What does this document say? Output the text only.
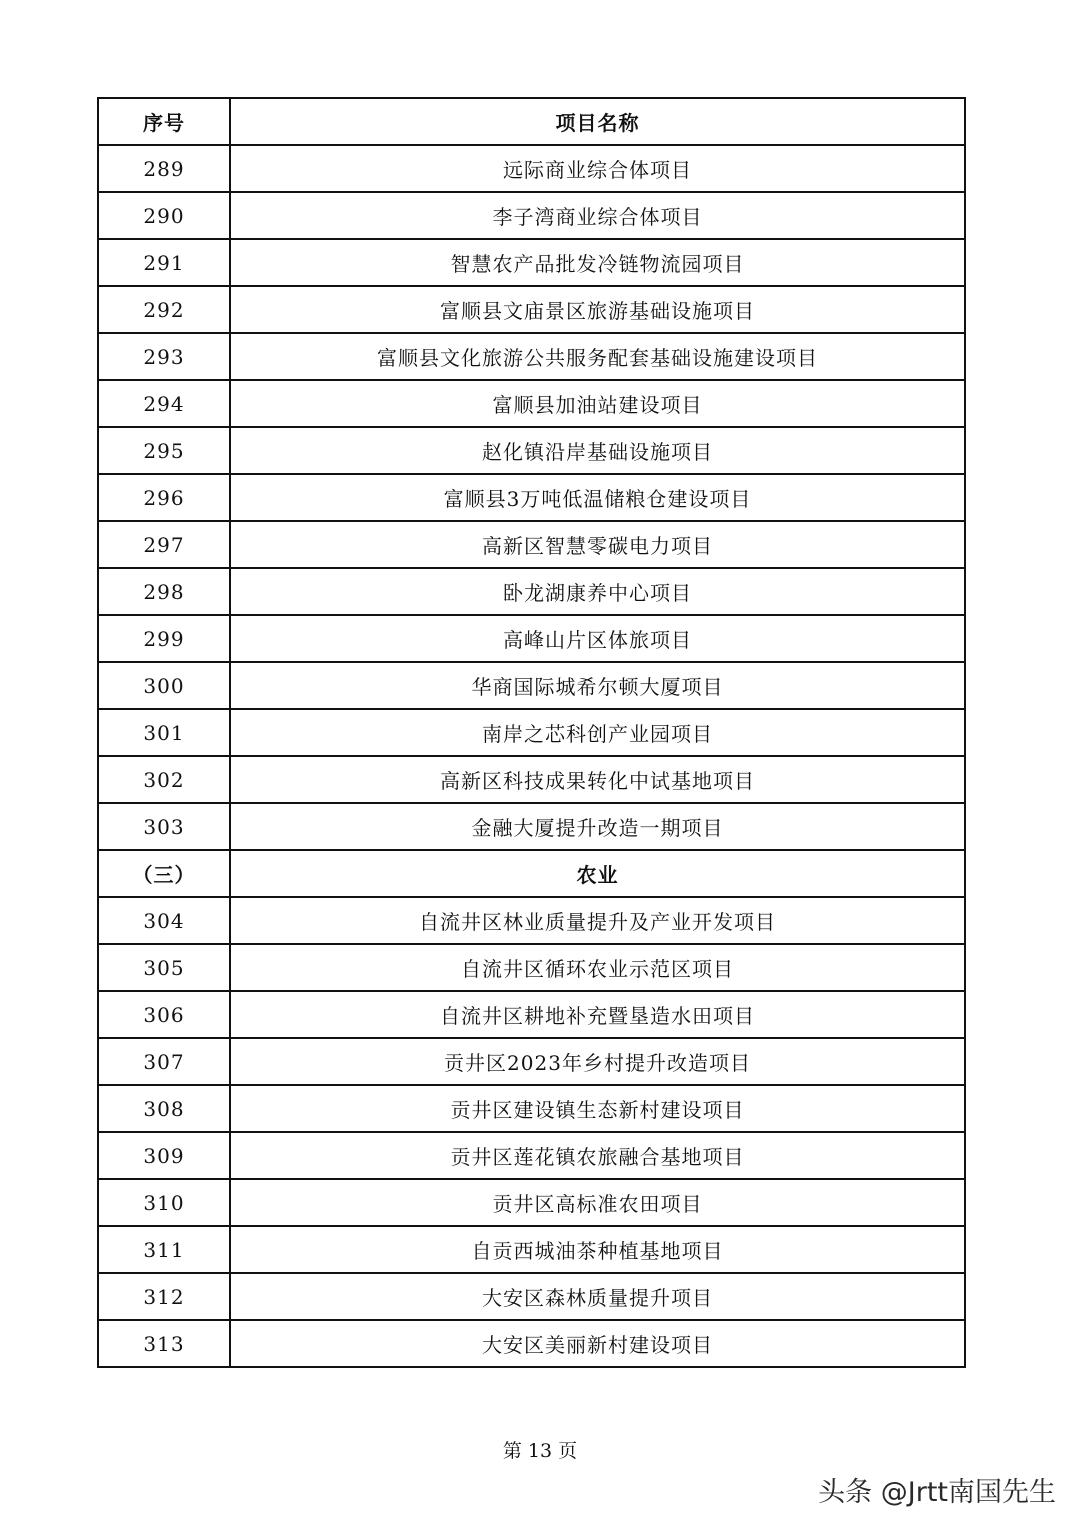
序号	项目名称
289	远际商业综合体项目
290	李子湾商业综合体项目
291	智慧农产品批发冷链物流园项目
292	富顺县文庙景区旅游基础设施项目
293	富顺县文化旅游公共服务配套基础设施建设项目
294	富顺县加油站建设项目
295	赵化镇沿岸基础设施项目
296	富顺县3万吨低温储粮仓建设项目
297	高新区智慧零碳电力项目
298	卧龙湖康养中心项目
299	高峰山片区体旅项目
300	华商国际城希尔顿大厦项目
301	南岸之芯科创产业园项目
302	高新区科技成果转化中试基地项目
303	金融大厦提升改造一期项目
（三）	农业
304	自流井区林业质量提升及产业开发项目
305	自流井区循环农业示范区项目
306	自流井区耕地补充暨垦造水田项目
307	贡井区2023年乡村提升改造项目
308	贡井区建设镇生态新村建设项目
309	贡井区莲花镇农旅融合基地项目
310	贡井区高标准农田项目
311	自贡西城油茶种植基地项目
312	大安区森林质量提升项目
313	大安区美丽新村建设项目
第 13 页
头条 @Jrtt南国先生
